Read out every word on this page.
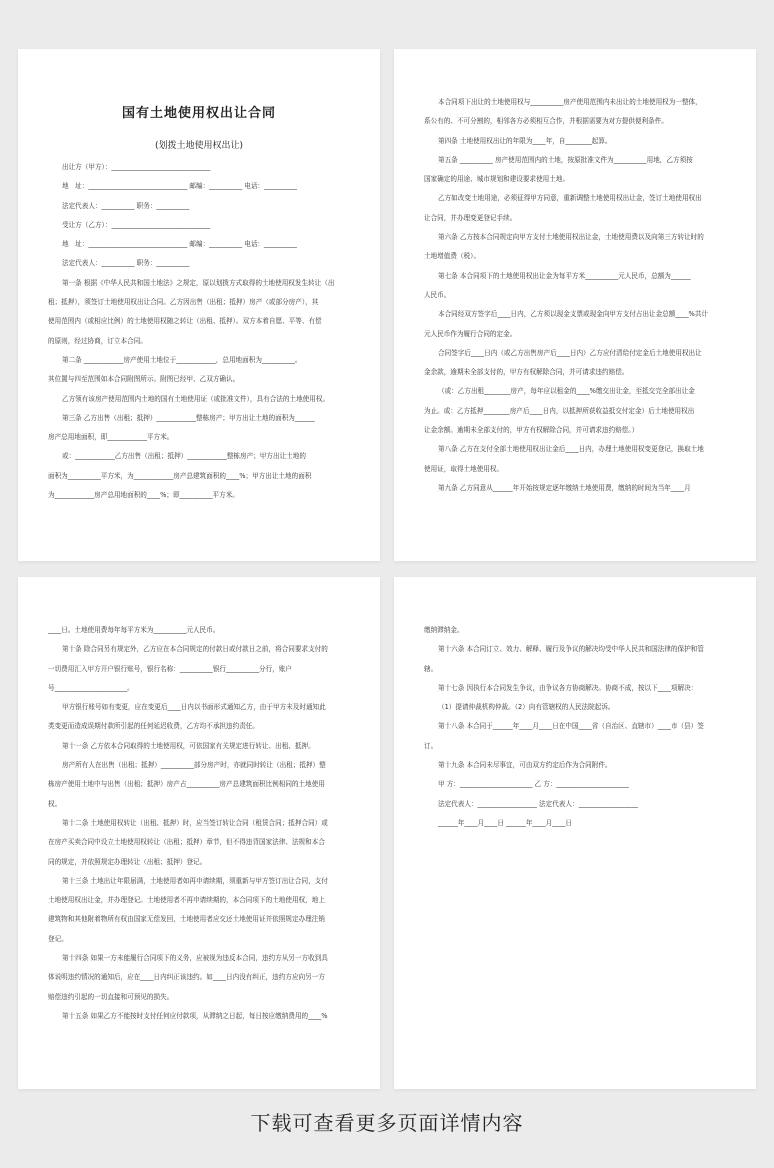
国有土地使用权出让合同
(划拨土地使用权出让)
出让方（甲方）：______________________________
地　址：______________________________ 邮编：__________ 电话：__________
法定代表人：__________ 职务：__________
受让方（乙方）：______________________________
地　址：______________________________ 邮编：__________ 电话：__________
法定代表人：__________ 职务：__________
第一条 根据《中华人民共和国土地法》之规定，原以划拨方式取得的土地使用权发生转让（出
租；抵押），须签订土地使用权出让合同。乙方因出售（出租；抵押）房产（或部分房产），其
使用范围内（或相应比例）的土地使用权随之转让（出租、抵押）。双方本着自愿、平等、有偿
的原则，经过协商，订立本合同。
第二条 ____________房产使用土地位于____________，总用地面积为__________。
其位置与四至范围如本合同附图所示。附图已经甲、乙双方确认。
乙方领有该房产使用范围内土地的国有土地使用证（或批准文件），具有合法的土地使用权。
第三条 乙方出售（出租；抵押）____________整栋房产；甲方出让土地的面积为______
房产总用地面积，即____________平方米。
或：____________乙方出售（出租；抵押）____________整栋房产；甲方出让土地的
面积为__________平方米，为____________房产总建筑面积的____%；甲方出让土地的面积
为____________房产总用地面积的____%；即__________平方米。
本合同项下出让的土地使用权与__________房产使用范围内未出让的土地使用权为一整体，
系公有的、不可分割的，相邻各方必须相互合作，并根据需要为对方提供便利条件。
第四条 土地使用权出让的年限为____年，自________起算。
第五条 __________ 房产使用范围内的土地，按原批准文件为__________用地，乙方须按
国家确定的用途、城市规划和建设要求使用土地。
乙方如改变土地用途，必须征得甲方同意，重新调整土地使用权出让金，签订土地使用权出
让合同，并办理变更登记手续。
第六条 乙方按本合同规定向甲方支付土地使用权出让金，土地使用费以及向第三方转让时的
土地增值费（税）。
第七条 本合同项下的土地使用权出让金为每平方米__________元人民币，总额为______
人民币。
本合同经双方签字后____日内，乙方须以现金支票或现金向甲方支付占出让金总额____%共计
元人民币作为履行合同的定金。
合同签字后____日内（或乙方出售房产后____日内）乙方应付清给付定金后土地使用权出让
金余款，逾期未全部支付的，甲方有权解除合同，并可请求违约赔偿。
（或：乙方出租________房产，每年应以租金的____%缴交出让金，至抵交完全部出让金
为止。或：乙方抵押________房产后____日内，以抵押所获收益抵交付定金）后土地使用权出
让金余额。逾期未全部支付的，甲方有权解除合同，并可请求违约赔偿。）
第八条 乙方在支付全部土地使用权出让金后____日内，办理土地使用权变更登记，换取土地
使用证，取得土地使用权。
第九条 乙方同意从______年开始按规定逐年缴纳土地使用费，缴纳的时间为当年____月
____日。土地使用费每年每平方米为__________元人民币。
第十条 除合同另有规定外，乙方应在本合同规定的付款日或付款日之前，将合同要求支付的
一切费用汇入甲方开户银行账号，银行名称：__________银行__________分行，账户
号______________________。
甲方银行账号如有变更，应在变更后____日内以书面形式通知乙方，由于甲方未及时通知此
类变更而造成误期付款所引起的任何延迟收费，乙方均不承担违约责任。
第十一条 乙方依本合同取得的土地使用权，可依国家有关规定进行转让、出租、抵押。
房产所有人在出售（出租；抵押）__________部分房产时，亦就同时转让（出租；抵押）整
栋房产使用土地中与出售（出租；抵押）房产占__________房产总建筑面积比例相同的土地使用
权。
第十二条 土地使用权转让（出租、抵押）时，应当签订转让合同（租赁合同；抵押合同）或
在房产买卖合同中设立土地使用权转让（出租；抵押）章节，但不得违背国家法律、法规和本合
同的规定，并依照规定办理转让（出租；抵押）登记。
第十三条 土地出让年限届满，土地使用者如再申请续期，须重新与甲方签订出让合同，支付
土地使用权出让金，并办理登记。土地使用者不再申请续期的，本合同项下的土地使用权，地上
建筑物和其他附着物所有权由国家无偿发回，土地使用者应交还土地使用证并依照规定办理注销
登记。
第十四条 如果一方未能履行合同项下的义务，应被视为违反本合同，违约方从另一方收到具
体说明违约情况的通知后，应在____日内纠正该违约。如____日内没有纠正，违约方应向另一方
赔偿违约引起的一切直接和可预见的损失。
第十五条 如果乙方不能按时支付任何应付款项，从滞纳之日起，每日按应缴纳费用的____%
缴纳滞纳金。
第十六条 本合同订立、效力、解释、履行及争议的解决均受中华人民共和国法律的保护和管
辖。
第十七条 因执行本合同发生争议，由争议各方协商解决。协商不成，按以下____项解决：
（1）提请仲裁机构仲裁。（2）向有管辖权的人民法院起诉。
第十八条 本合同于______年____月____日在中国____省（自治区、直辖市）____市（县）签
订。
第十九条 本合同未尽事宜，可由双方约定后作为合同附件。
甲 方：______________________ 乙 方：______________________
法定代表人：__________________ 法定代表人：__________________
______年____月____日 ______年____月____日
下载可查看更多页面详情内容
